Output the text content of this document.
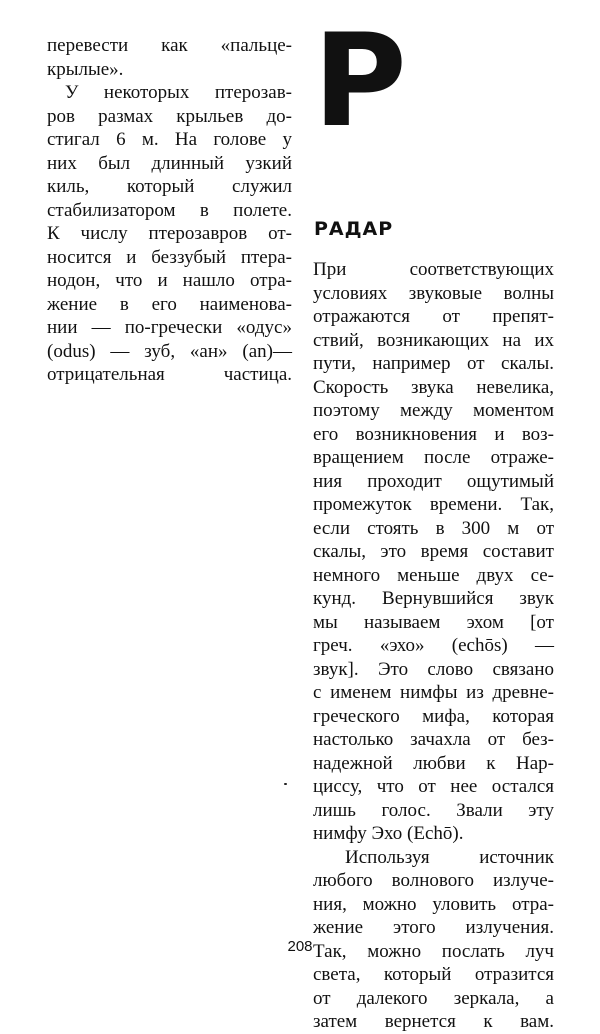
перевести как «пальце-
крылые».
У некоторых птерозав-
ров размах крыльев до-
стигал 6 м. На голове у
них был длинный узкий
киль, который служил
стабилизатором в полете.
К числу птерозавров от-
носится и беззубый птера-
нодон, что и нашло отра-
жение в его наименова-
нии — по-гречески «одус»
(odus) — зуб, «ан» (an)—
отрицательная частица.
Р
РАДАР
При соответствующих
условиях звуковые волны
отражаются от препят-
ствий, возникающих на их
пути, например от скалы.
Скорость звука невелика,
поэтому между моментом
его возникновения и воз-
вращением после отраже-
ния проходит ощутимый
промежуток времени. Так,
если стоять в 300 м от
скалы, это время составит
немного меньше двух се-
кунд. Вернувшийся звук
мы называем эхом [от
греч. «эхо» (echōs) —
звук]. Это слово связано
с именем нимфы из древне-
греческого мифа, которая
настолько зачахла от без-
надежной любви к Нар-
циссу, что от нее остался
лишь голос. Звали эту
нимфу Эхо (Echō).
Используя источник
любого волнового излуче-
ния, можно уловить отра-
жение этого излучения.
Так, можно послать луч
света, который отразится
от далекого зеркала, а
затем вернется к вам.
208
